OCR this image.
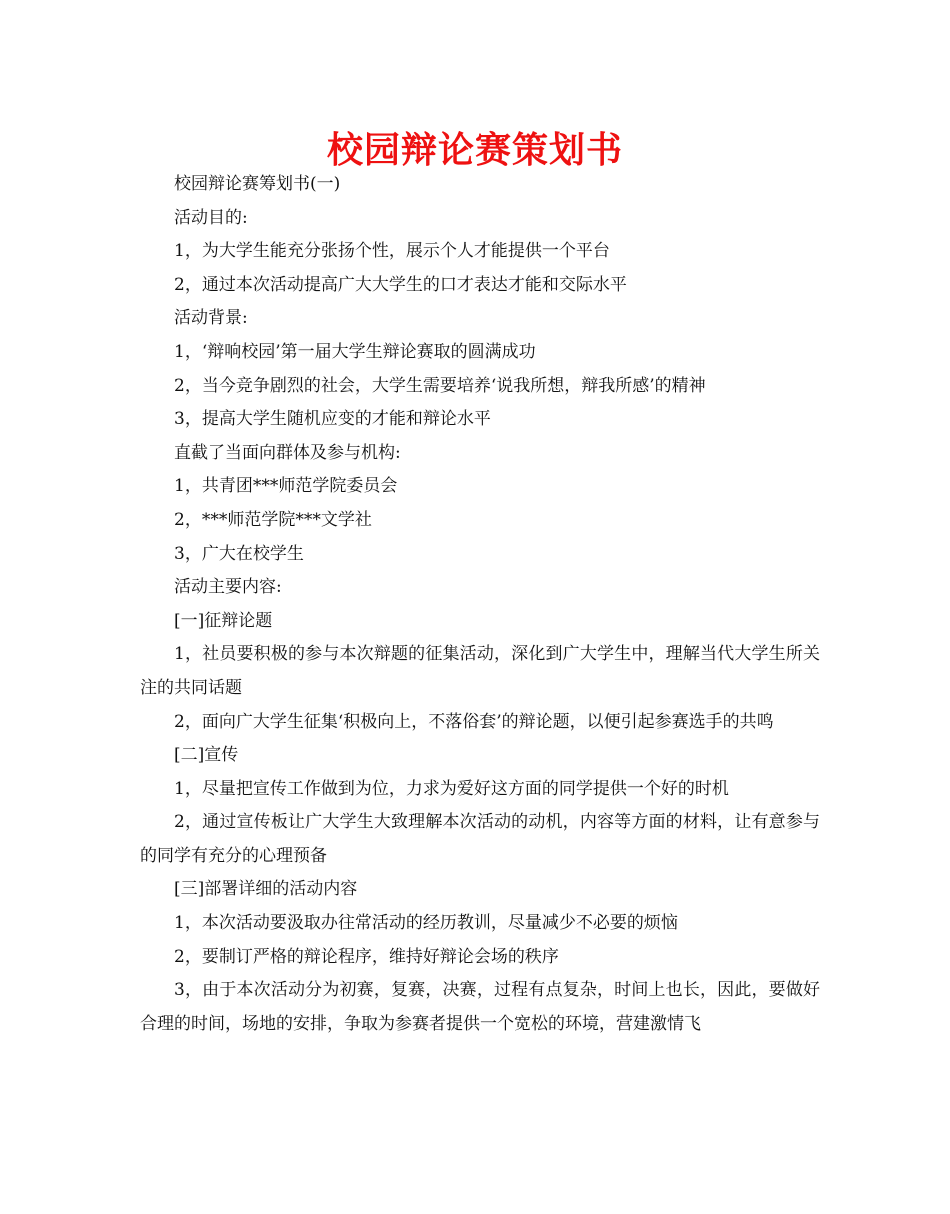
校园辩论赛策划书

校园辩论赛筹划书(一)

活动目的:

1，为大学生能充分张扬个性，展示个人才能提供一个平台

2，通过本次活动提高广大大学生的口才表达才能和交际水平

活动背景:

1，‘辩响校园’第一届大学生辩论赛取的圆满成功

2，当今竞争剧烈的社会，大学生需要培养‘说我所想，辩我所感’的精神

3，提高大学生随机应变的才能和辩论水平

直截了当面向群体及参与机构:

1，共青团***师范学院委员会

2，***师范学院***文学社

3，广大在校学生

活动主要内容:

[一]征辩论题

1，社员要积极的参与本次辩题的征集活动，深化到广大学生中，理解当代大学生所关注的共同话题

2，面向广大学生征集‘积极向上，不落俗套’的辩论题，以便引起参赛选手的共鸣

[二]宣传

1，尽量把宣传工作做到为位，力求为爱好这方面的同学提供一个好的时机

2，通过宣传板让广大学生大致理解本次活动的动机，内容等方面的材料，让有意参与的同学有充分的心理预备

[三]部署详细的活动内容

1，本次活动要汲取办往常活动的经历教训，尽量减少不必要的烦恼

2，要制订严格的辩论程序，维持好辩论会场的秩序

3，由于本次活动分为初赛，复赛，决赛，过程有点复杂，时间上也长，因此，要做好合理的时间，场地的安排，争取为参赛者提供一个宽松的环境，营建激情飞
